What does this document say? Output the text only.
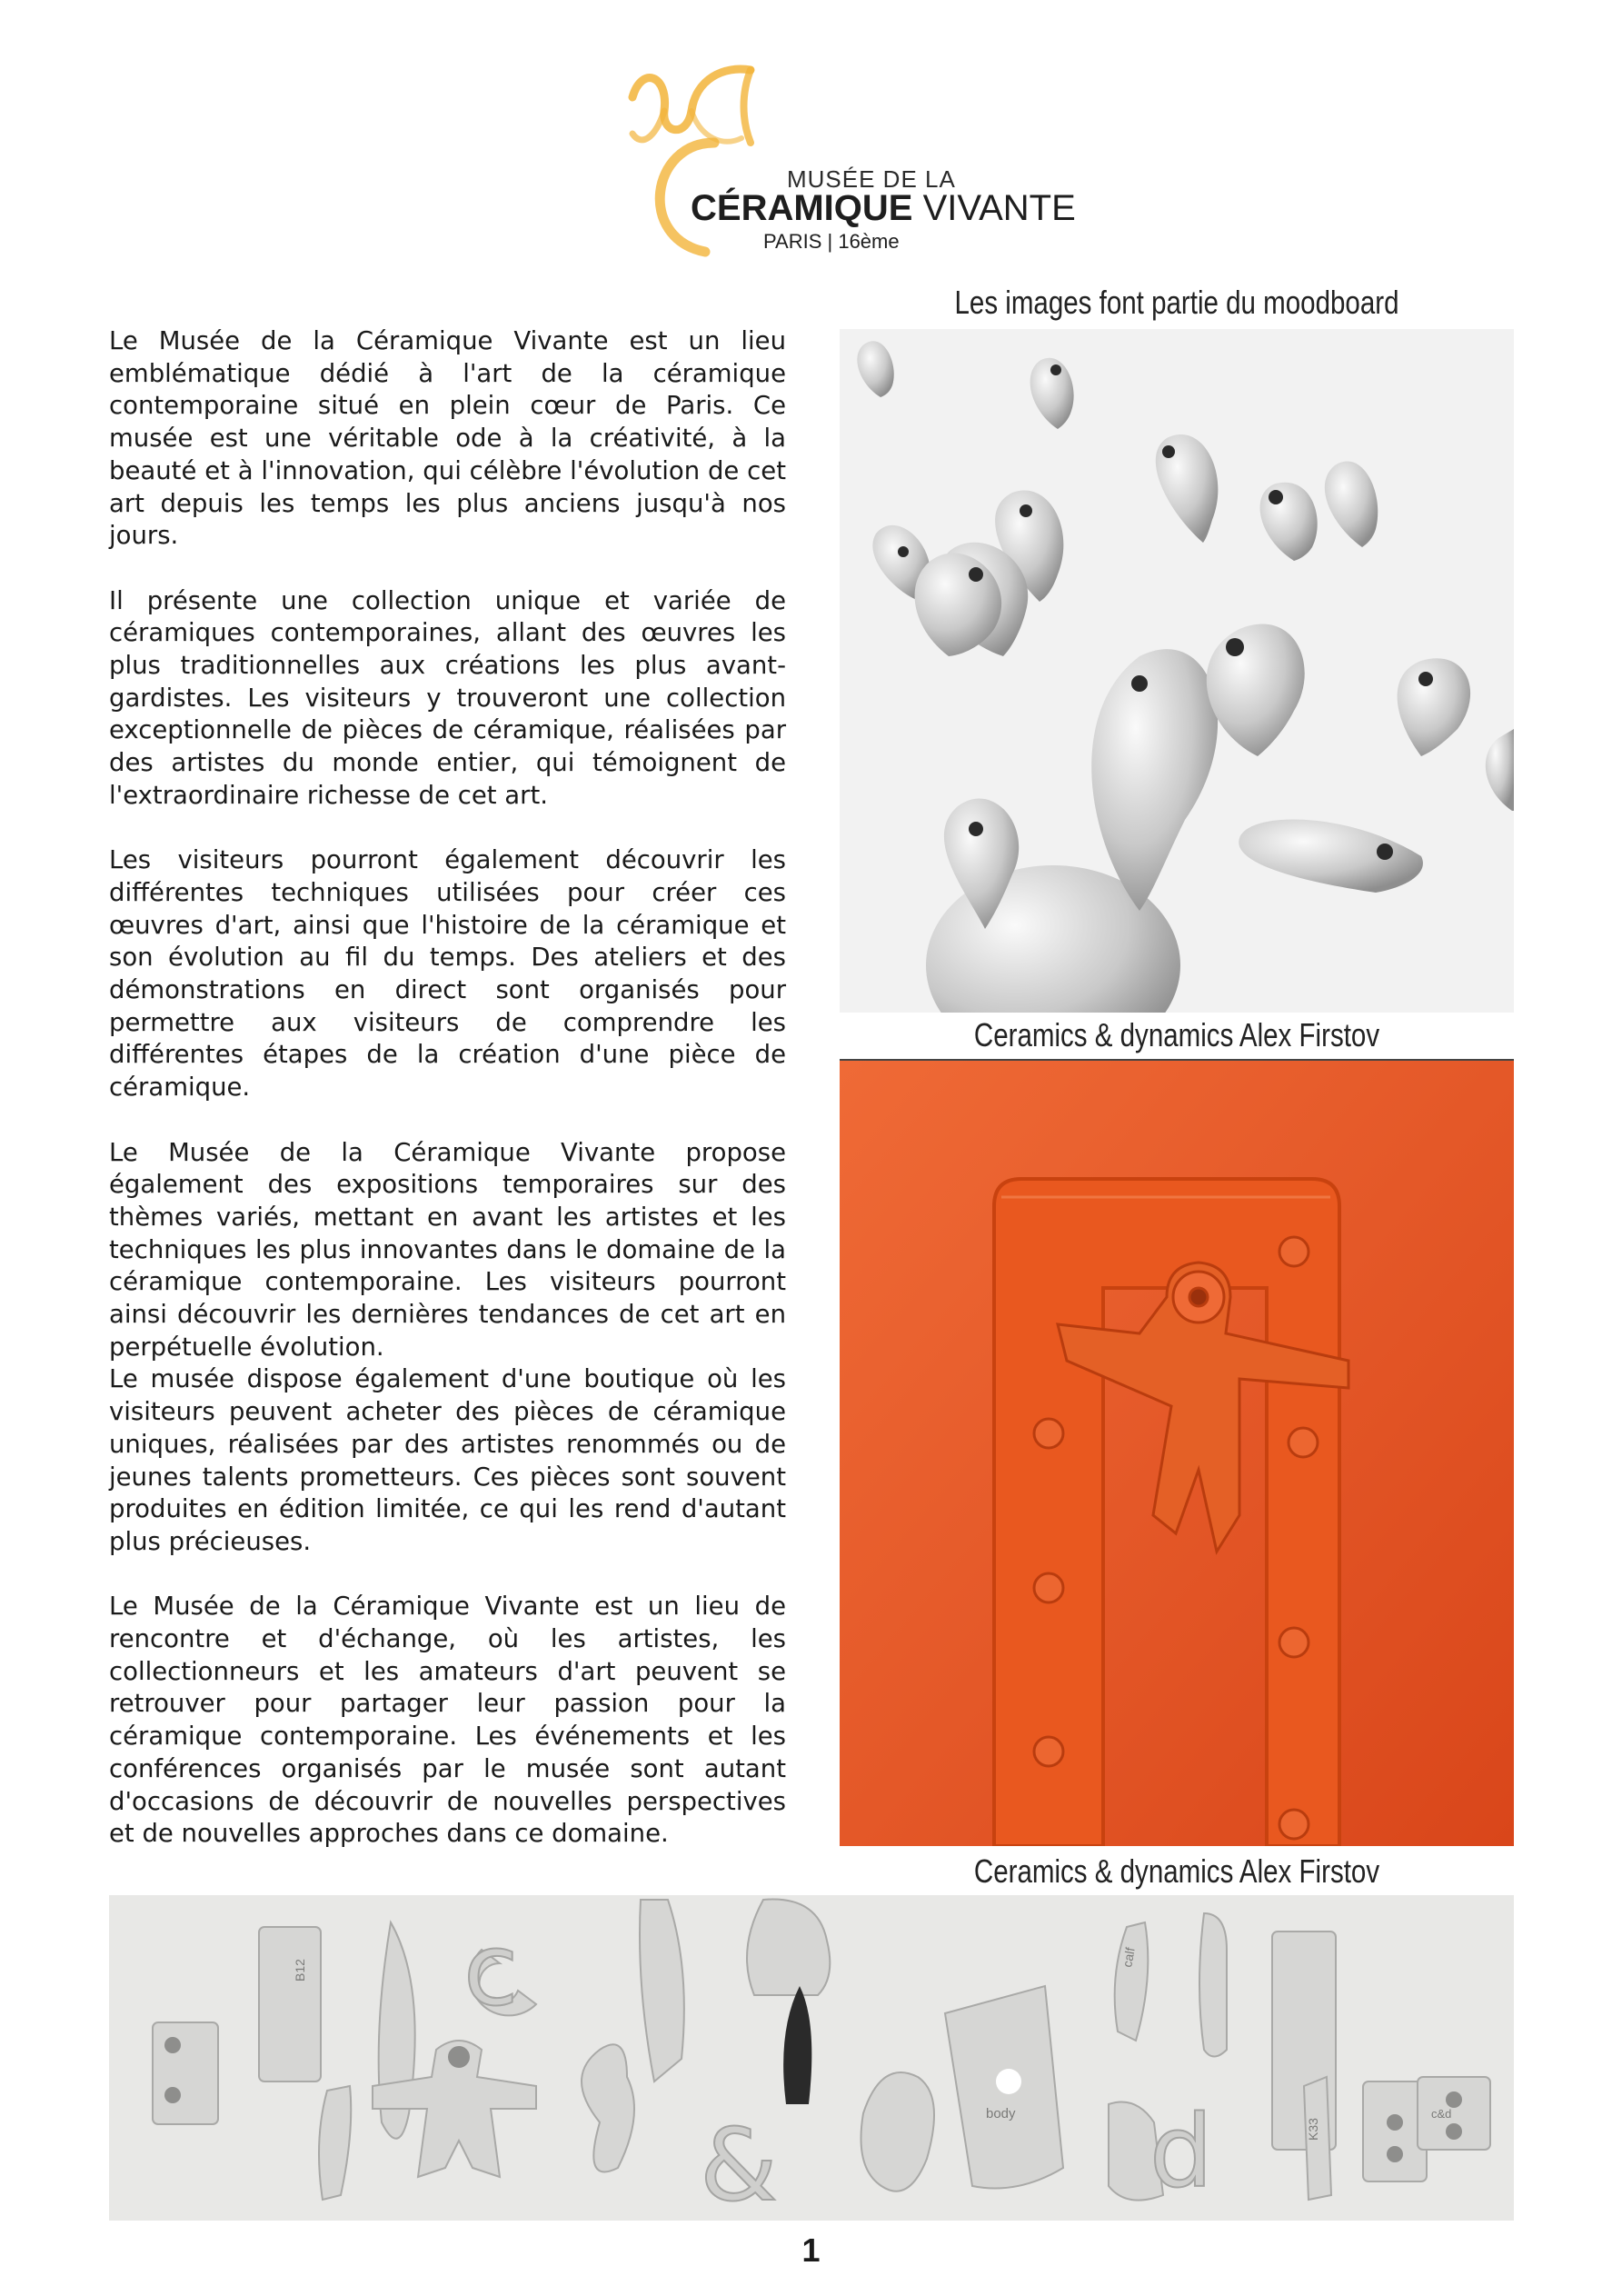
MUSÉE DE LA
CÉRAMIQUE VIVANTE
PARIS | 16ème

Le Musée de la Céramique Vivante est un lieu emblématique dédié à l'art de la céramique contemporaine situé en plein cœur de Paris. Ce musée est une véritable ode à la créativité, à la beauté et à l'innovation, qui célèbre l'évolution de cet art depuis les temps les plus anciens jusqu'à nos jours.

Il présente une collection unique et variée de céramiques contemporaines, allant des œuvres les plus traditionnelles aux créations les plus avant-gardistes. Les visiteurs y trouveront une collection exceptionnelle de pièces de céramique, réalisées par des artistes du monde entier, qui témoignent de l'extraordinaire richesse de cet art.

Les visiteurs pourront également découvrir les différentes techniques utilisées pour créer ces œuvres d'art, ainsi que l'histoire de la céramique et son évolution au fil du temps. Des ateliers et des démonstrations en direct sont organisés pour permettre aux visiteurs de comprendre les différentes étapes de la création d'une pièce de céramique.

Le Musée de la Céramique Vivante propose également des expositions temporaires sur des thèmes variés, mettant en avant les artistes et les techniques les plus innovantes dans le domaine de la céramique contemporaine. Les visiteurs pourront ainsi découvrir les dernières tendances de cet art en perpétuelle évolution.

Le musée dispose également d'une boutique où les visiteurs peuvent acheter des pièces de céramique uniques, réalisées par des artistes renommés ou de jeunes talents prometteurs. Ces pièces sont souvent produites en édition limitée, ce qui les rend d'autant plus précieuses.

Le Musée de la Céramique Vivante est un lieu de rencontre et d'échange, où les artistes, les collectionneurs et les amateurs d'art peuvent se retrouver pour partager leur passion pour la céramique contemporaine. Les événements et les conférences organisés par le musée sont autant d'occasions de découvrir de nouvelles perspectives et de nouvelles approches dans ce domaine.

Les images font partie du moodboard
Ceramics & dynamics Alex Firstov
Ceramics & dynamics Alex Firstov
B12
calf
body
K33
c&d
c
&	d
1
